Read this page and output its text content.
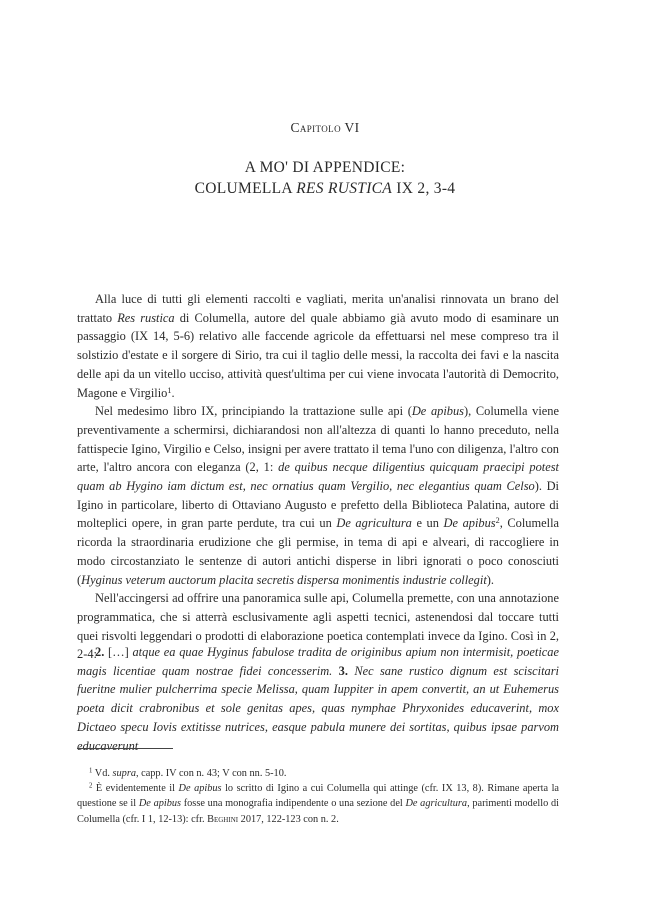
Capitolo VI
A MO' DI APPENDICE:
COLUMELLA RES RUSTICA IX 2, 3-4

Alla luce di tutti gli elementi raccolti e vagliati, merita un'analisi rinnovata un brano del trattato Res rustica di Columella, autore del quale abbiamo già avuto modo di esaminare un passaggio (IX 14, 5-6) relativo alle faccende agricole da effettuarsi nel mese compreso tra il solstizio d'estate e il sorgere di Sirio, tra cui il taglio delle messi, la raccolta dei favi e la nascita delle api da un vitello ucciso, attività quest'ultima per cui viene invocata l'autorità di Democrito, Magone e Virgilio$^1$.

Nel medesimo libro IX, principiando la trattazione sulle api (De apibus), Columella viene preventivamente a schermirsi, dichiarandosi non all'altezza di quanti lo hanno preceduto, nella fattispecie Igino, Virgilio e Celso, insigni per avere trattato il tema l'uno con diligenza, l'altro con arte, l'altro ancora con eleganza (2, 1: de quibus necque diligentius quicquam praecipi potest quam ab Hygino iam dictum est, nec ornatius quam Vergilio, nec elegantius quam Celso). Di Igino in particolare, liberto di Ottaviano Augusto e prefetto della Biblioteca Palatina, autore di molteplici opere, in gran parte perdute, tra cui un De agricultura e un De apibus$^2$, Columella ricorda la straordinaria erudizione che gli permise, in tema di api e alveari, di raccogliere in modo circostanziato le sentenze di autori antichi disperse in libri ignorati o poco conosciuti (Hyginus veterum auctorum placita secretis dispersa monimentis industrie collegit).

Nell'accingersi ad offrire una panoramica sulle api, Columella premette, con una annotazione programmatica, che si atterrà esclusivamente agli aspetti tecnici, astenendosi dal toccare tutti quei risvolti leggendari o prodotti di elaborazione poetica contemplati invece da Igino. Così in 2, 2-4:

2. […] atque ea quae Hyginus fabulose tradita de originibus apium non intermisit, poeticae magis licentiae quam nostrae fidei concesserim. 3. Nec sane rustico dignum est sciscitari fueritne mulier pulcherrima specie Melissa, quam Iuppiter in apem convertit, an ut Euhemerus poeta dicit crabronibus et sole genitas apes, quas nymphae Phryxonides educaverint, mox Dictaeo specu Iovis extitisse nutrices, easque pabula munere dei sortitas, quibus ipsae parvom educaverunt

$^1$ Vd. supra, capp. IV con n. 43; V con nn. 5-10.

$^2$ È evidentemente il De apibus lo scritto di Igino a cui Columella qui attinge (cfr. IX 13, 8). Rimane aperta la questione se il De apibus fosse una monografia indipendente o una sezione del De agricultura, parimenti modello di Columella (cfr. I 1, 12-13): cfr. Beghini 2017, 122-123 con n. 2.
